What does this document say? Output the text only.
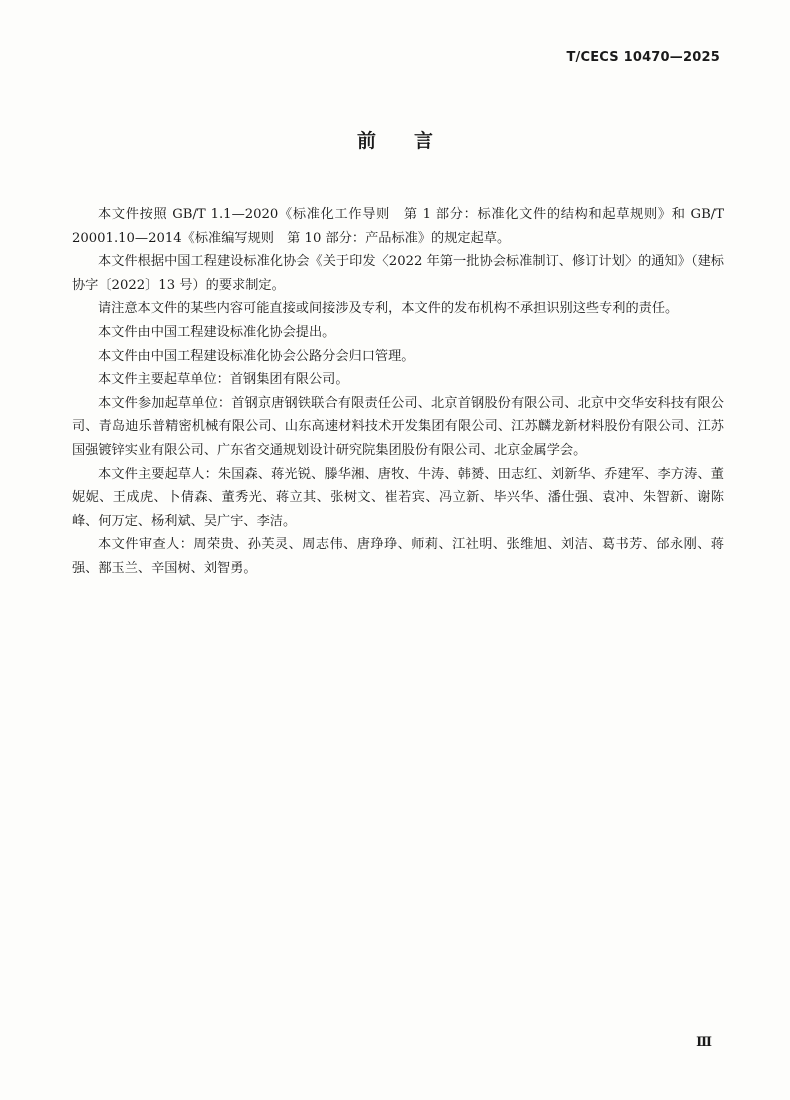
T/CECS 10470—2025
前言

本文件按照 GB/T 1.1—2020《标准化工作导则　第 1 部分：标准化文件的结构和起草规则》和 GB/T 20001.10—2014《标准编写规则　第 10 部分：产品标准》的规定起草。

本文件根据中国工程建设标准化协会《关于印发〈2022 年第一批协会标准制订、修订计划〉的通知》（建标协字〔2022〕13 号）的要求制定。

请注意本文件的某些内容可能直接或间接涉及专利，本文件的发布机构不承担识别这些专利的责任。

本文件由中国工程建设标准化协会提出。

本文件由中国工程建设标准化协会公路分会归口管理。

本文件主要起草单位：首钢集团有限公司。

本文件参加起草单位：首钢京唐钢铁联合有限责任公司、北京首钢股份有限公司、北京中交华安科技有限公司、青岛迪乐普精密机械有限公司、山东高速材料技术开发集团有限公司、江苏麟龙新材料股份有限公司、江苏国强镀锌实业有限公司、广东省交通规划设计研究院集团股份有限公司、北京金属学会。

本文件主要起草人：朱国森、蒋光锐、滕华湘、唐牧、牛涛、韩赟、田志红、刘新华、乔建军、李方涛、董妮妮、王成虎、卜倩森、董秀光、蒋立其、张树文、崔若宾、冯立新、毕兴华、潘仕强、袁冲、朱智新、谢陈峰、何万定、杨利斌、吴广宇、李洁。

本文件审查人：周荣贵、孙芙灵、周志伟、唐琤琤、师莉、江社明、张维旭、刘洁、葛书芳、邰永刚、蒋强、鄯玉兰、辛国树、刘智勇。

Ⅲ
